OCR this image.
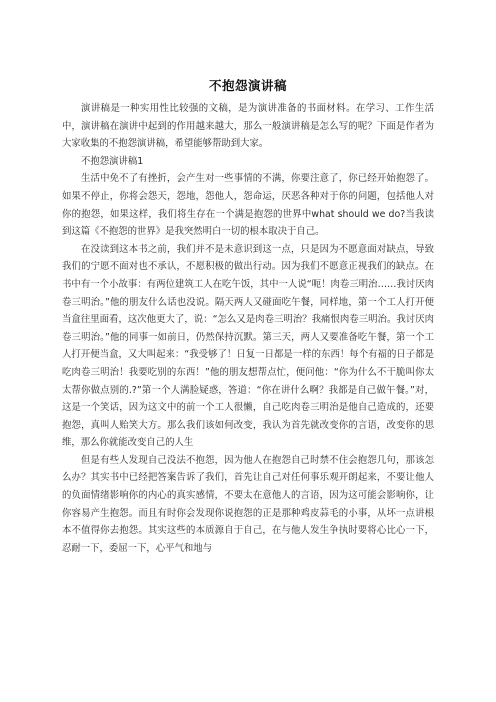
不抱怨演讲稿

演讲稿是一种实用性比较强的文稿，是为演讲准备的书面材料。在学习、工作生活中，演讲稿在演讲中起到的作用越来越大，那么一般演讲稿是怎么写的呢？下面是作者为大家收集的不抱怨演讲稿，希望能够帮助到大家。

不抱怨演讲稿1

生活中免不了有挫折，会产生对一些事情的不满，你要注意了，你已经开始抱怨了。如果不停止，你将会怨天，怨地，怨他人，怨命运，厌恶各种对于你的问题，包括他人对你的抱怨，如果这样，我们将生存在一个满是抱怨的世界中what should we do?当我读到这篇《不抱怨的世界》是我突然明白一切的根本取决于自己。

在没读到这本书之前，我们并不是未意识到这一点，只是因为不愿意面对缺点，导致我们的宁愿不面对也不承认，不愿积极的做出行动。因为我们不愿意正视我们的缺点。在书中有一个小故事：有两位建筑工人在吃午饭，其中一人说“呃！肉卷三明治……我讨厌肉卷三明治。”他的朋友什么话也没说。隔天两人又碰面吃午餐，同样地，第一个工人打开便当盒往里面看，这次他更大了，说：“怎么又是肉卷三明治？我痛恨肉卷三明治。我讨厌肉卷三明治。”他的同事一如前日，仍然保持沉默。第三天，两人又要准备吃午餐，第一个工人打开便当盒，又大叫起来：“我受够了！日复一日都是一样的东西！每个有福的日子都是吃肉卷三明治！我要吃别的东西！”他的朋友想帮点忙，便问他：“你为什么不干脆叫你太太帮你做点别的.?”第一个人满脸疑惑，答道：“你在讲什么啊？我都是自己做午餐。”对，这是一个笑话，因为这文中的前一个工人很懒，自己吃肉卷三明治是他自己造成的，还要抱怨，真叫人贻笑大方。那么我们该如何改变，我认为首先就改变你的言语，改变你的思维，那么你就能改变自己的人生

但是有些人发现自己没法不抱怨，因为他人在抱怨自己时禁不住会抱怨几句，那该怎么办？其实书中已经把答案告诉了我们，首先让自己对任何事乐观开朗起来，不要让他人的负面情绪影响你的内心的真实感情，不要太在意他人的言语，因为这可能会影响你，让你容易产生抱怨。而且有时你会发现你说抱怨的正是那种鸡皮蒜毛的小事，从坏一点讲根本不值得你去抱怨。其实这些的本质源自于自己，在与他人发生争执时要将心比心一下，忍耐一下，委屈一下，心平气和地与
